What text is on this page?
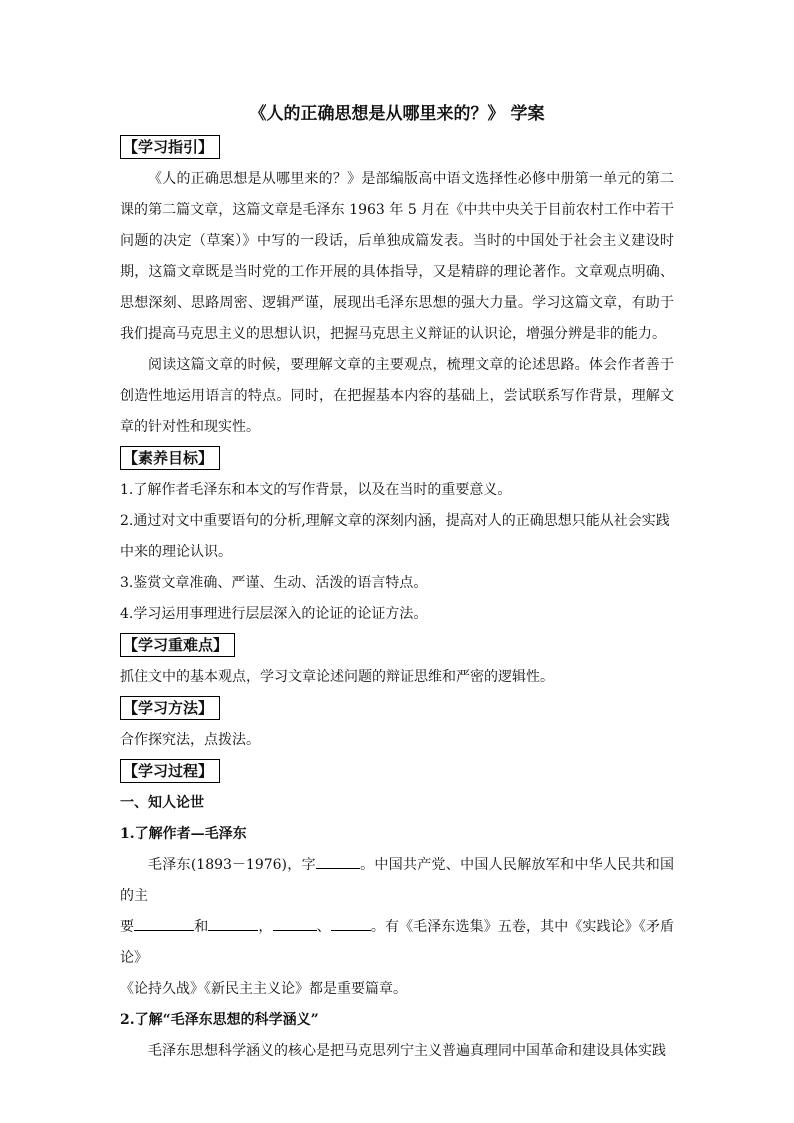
《人的正确思想是从哪里来的？》 学案
【学习指引】

《人的正确思想是从哪里来的？》是部编版高中语文选择性必修中册第一单元的第二课的第二篇文章，这篇文章是毛泽东 1963 年 5 月在《中共中央关于目前农村工作中若干问题的决定（草案）》中写的一段话，后单独成篇发表。当时的中国处于社会主义建设时期，这篇文章既是当时党的工作开展的具体指导，又是精辟的理论著作。文章观点明确、思想深刻、思路周密、逻辑严谨，展现出毛泽东思想的强大力量。学习这篇文章，有助于我们提高马克思主义的思想认识，把握马克思主义辩证的认识论，增强分辨是非的能力。

阅读这篇文章的时候，要理解文章的主要观点，梳理文章的论述思路。体会作者善于创造性地运用语言的特点。同时，在把握基本内容的基础上，尝试联系写作背景，理解文章的针对性和现实性。

【素养目标】

1.了解作者毛泽东和本文的写作背景，以及在当时的重要意义。

2.通过对文中重要语句的分析,理解文章的深刻内涵，提高对人的正确思想只能从社会实践中来的理论认识。

3.鉴赏文章准确、严谨、生动、活泼的语言特点。

4.学习运用事理进行层层深入的论证的论证方法。

【学习重难点】

抓住文中的基本观点，学习文章论述问题的辩证思维和严密的逻辑性。

【学习方法】

合作探究法，点拨法。

【学习过程】

一、知人论世

1.了解作者—毛泽东

毛泽东(1893－1976)，字	。中国共产党、中国人民解放军和中华人民共和国的主

要	和	，	、	。有《毛泽东选集》五卷，其中《实践论》《矛盾论》

《论持久战》《新民主主义论》都是重要篇章。

2.了解“毛泽东思想的科学涵义”

毛泽东思想科学涵义的核心是把马克思列宁主义普遍真理同中国革命和建设具体实践
